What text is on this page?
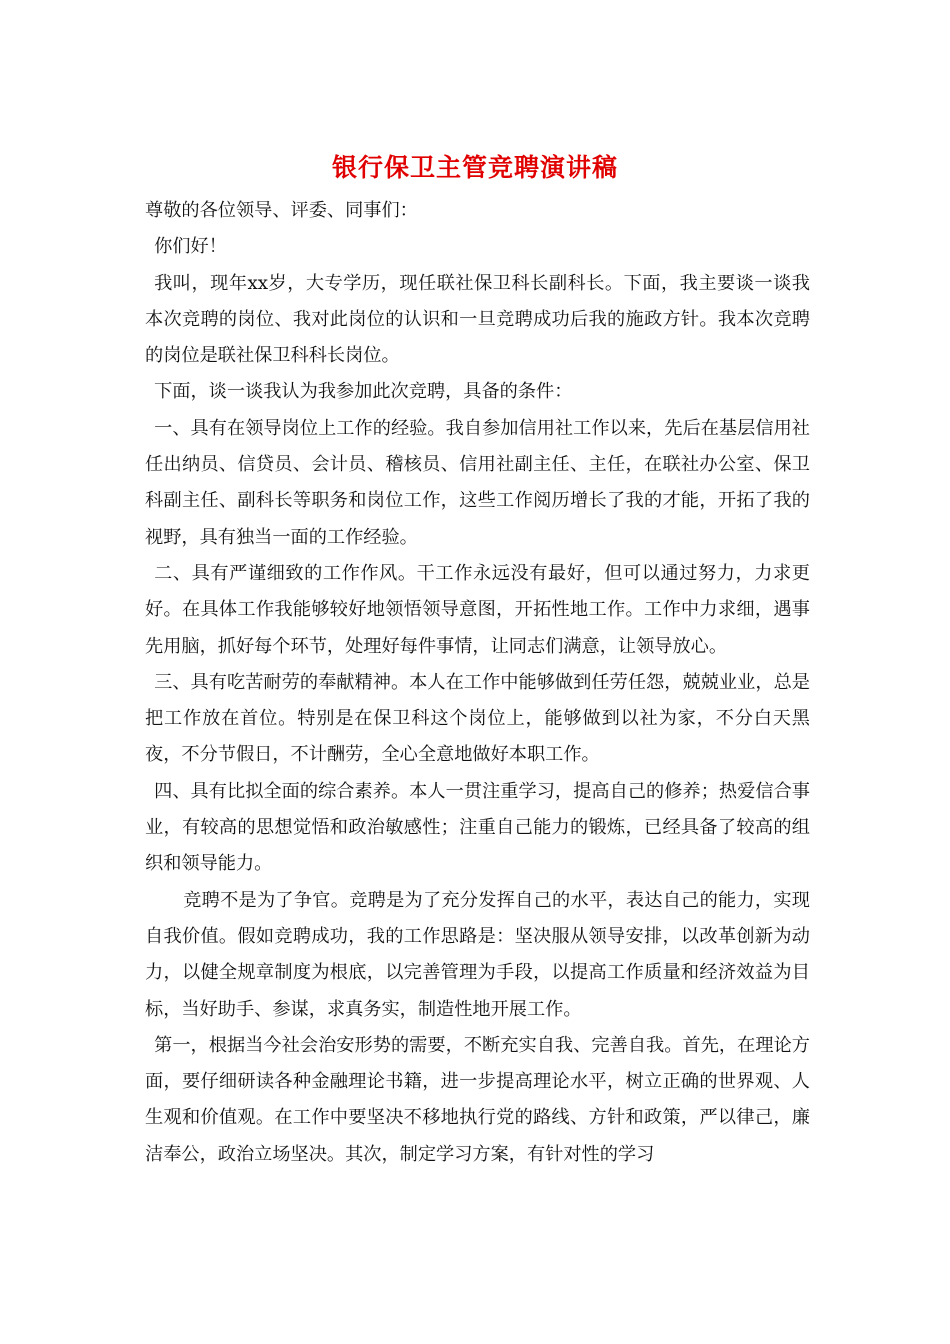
银行保卫主管竞聘演讲稿

尊敬的各位领导、评委、同事们：

你们好！

我叫，现年xx岁，大专学历，现任联社保卫科长副科长。下面，我主要谈一谈我本次竞聘的岗位、我对此岗位的认识和一旦竞聘成功后我的施政方针。我本次竞聘的岗位是联社保卫科科长岗位。

下面，谈一谈我认为我参加此次竞聘，具备的条件：

一、具有在领导岗位上工作的经验。我自参加信用社工作以来，先后在基层信用社任出纳员、信贷员、会计员、稽核员、信用社副主任、主任，在联社办公室、保卫科副主任、副科长等职务和岗位工作，这些工作阅历增长了我的才能，开拓了我的视野，具有独当一面的工作经验。

二、具有严谨细致的工作作风。干工作永远没有最好，但可以通过努力，力求更好。在具体工作我能够较好地领悟领导意图，开拓性地工作。工作中力求细，遇事先用脑，抓好每个环节，处理好每件事情，让同志们满意，让领导放心。

三、具有吃苦耐劳的奉献精神。本人在工作中能够做到任劳任怨，兢兢业业，总是把工作放在首位。特别是在保卫科这个岗位上，能够做到以社为家，不分白天黑夜，不分节假日，不计酬劳，全心全意地做好本职工作。

四、具有比拟全面的综合素养。本人一贯注重学习，提高自己的修养；热爱信合事业，有较高的思想觉悟和政治敏感性；注重自己能力的锻炼，已经具备了较高的组织和领导能力。

竞聘不是为了争官。竞聘是为了充分发挥自己的水平，表达自己的能力，实现自我价值。假如竞聘成功，我的工作思路是：坚决服从领导安排，以改革创新为动力，以健全规章制度为根底，以完善管理为手段，以提高工作质量和经济效益为目标，当好助手、参谋，求真务实，制造性地开展工作。

第一，根据当今社会治安形势的需要，不断充实自我、完善自我。首先，在理论方面，要仔细研读各种金融理论书籍，进一步提高理论水平，树立正确的世界观、人生观和价值观。在工作中要坚决不移地执行党的路线、方针和政策，严以律己，廉洁奉公，政治立场坚决。其次，制定学习方案，有针对性的学习
